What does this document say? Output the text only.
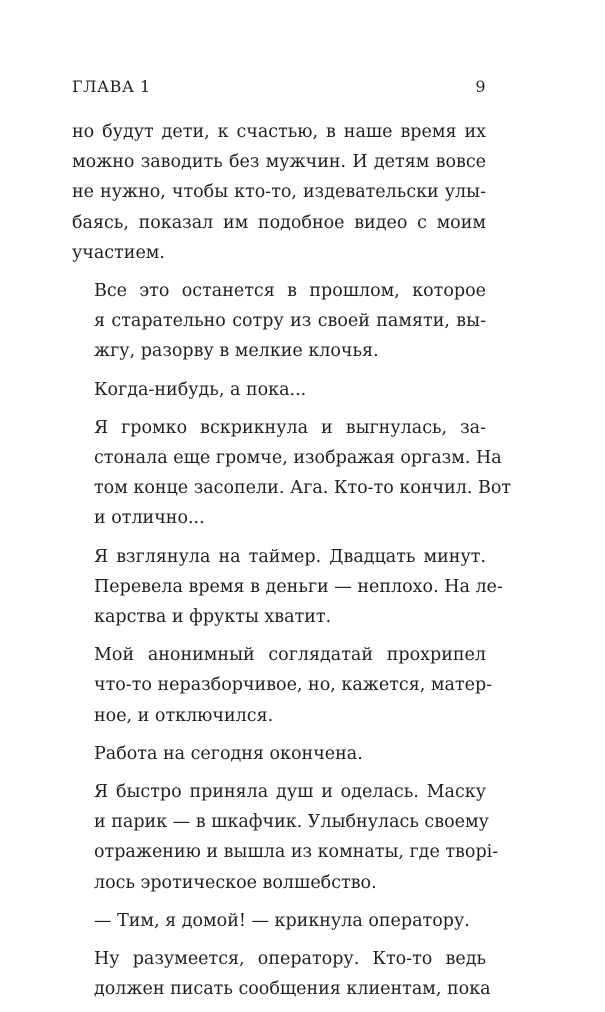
ГЛАВА 1	9
но будут дети, к счастью, в наше время их
можно заводить без мужчин. И детям вовсе
не нужно, чтобы кто-то, издевательски улы-
баясь, показал им подобное видео с моим
участием.
Все это останется в прошлом, которое
я старательно сотру из своей памяти, вы-
жгу, разорву в мелкие клочья.
Когда-нибудь, а пока...
Я громко вскрикнула и выгнулась, за-
стонала еще громче, изображая оргазм. На
том конце засопели. Ага. Кто-то кончил. Вот
и отлично...
Я взглянула на таймер. Двадцать минут.
Перевела время в деньги — неплохо. На ле-
карства и фрукты хватит.
Мой анонимный соглядатай прохрипел
что-то неразборчивое, но, кажется, матер-
ное, и отключился.
Работа на сегодня окончена.
Я быстро приняла душ и оделась. Маску
и парик — в шкафчик. Улыбнулась своему
отражению и вышла из комнаты, где творі-
лось эротическое волшебство.
— Тим, я домой! — крикнула оператору.
Ну разумеется, оператору. Кто-то ведь
должен писать сообщения клиентам, пока
